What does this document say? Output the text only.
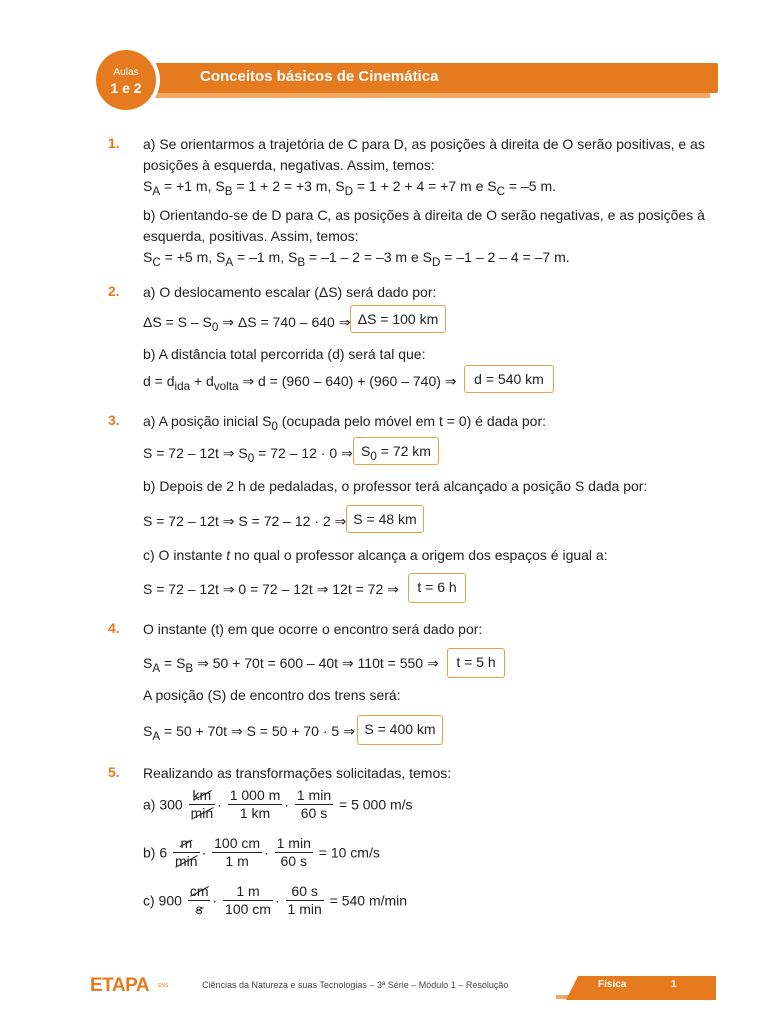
Conceitos básicos de Cinemática
Aulas
1 e 2
1. a) Se orientarmos a trajetória de C para D, as posições à direita de O serão positivas, e as
posições à esquerda, negativas. Assim, temos:
$S_A = +1$ m, $S_B = 1 + 2 = +3$ m, $S_D = 1 + 2 + 4 = +7$ m e $S_C = -5$ m.
b) Orientando-se de D para C, as posições à direita de O serão negativas, e as posições à
esquerda, positivas. Assim, temos:
$S_C = +5$ m, $S_A = -1$ m, $S_B = -1 - 2 = -3$ m e $S_D = -1 - 2 - 4 = -7$ m.
2. a) O deslocamento escalar (ΔS) será dado por:
$\Delta S = S - S_0$ ⇒ ΔS = 740 – 640 ⇒ ΔS = 100 km
b) A distância total percorrida (d) será tal que:
$d = d_{ida} + d_{volta}$ ⇒ d = (960 – 640) + (960 – 740) ⇒	d = 540 km
3. a) A posição inicial $S_0$ (ocupada pelo móvel em t = 0) é dada por:
S = 72 – 12t ⇒ $S_0 = 72 - 12 \cdot 0$ ⇒ $S_0 = 72$ km
b) Depois de 2 h de pedaladas, o professor terá alcançado a posição S dada por:
S = 72 – 12t ⇒ S = 72 – 12 · 2 ⇒ S = 48 km
c) O instante t no qual o professor alcança a origem dos espaços é igual a:
S = 72 – 12t ⇒ 0 = 72 – 12t ⇒ 12t = 72 ⇒	t = 6 h
4. O instante (t) em que ocorre o encontro será dado por:
$S_A = S_B$ ⇒ 50 + 70t = 600 – 40t ⇒ 110t = 550 ⇒	t = 5 h
A posição (S) de encontro dos trens será:
$S_A = 50 + 70t$ ⇒ S = 50 + 70 · 5 ⇒ S = 400 km
5. Realizando as transformações solicitadas, temos:
a) 300
km
min
· $\frac{1 000 m}{1 km}$ ·
1 min
60 s
= 5 000 m/s
b) 6
m
min
· $\frac{100 cm}{1 m}$ ·
1 min
60 s
= 10 cm/s
c) $900 \frac{cm}{s} \cdot \frac{1 m}{100 cm}$ ·
60 s
1 min
= 540 m/min
ETAPA ENS	Ciências da Natureza e suas Tecnologias – 3ª Série – Módulo 1 – Resolução	Física	1
